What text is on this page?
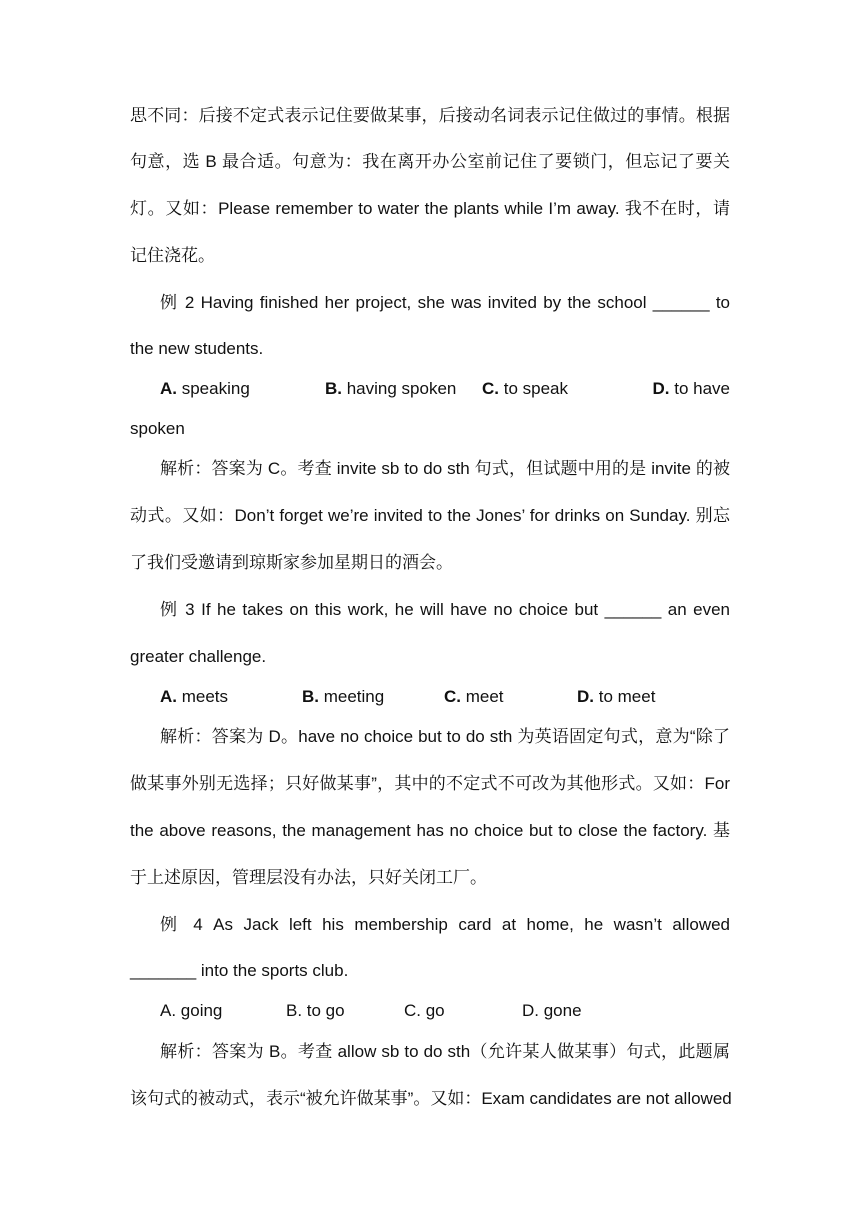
思不同：后接不定式表示记住要做某事，后接动名词表示记住做过的事情。根据
句意，选 B 最合适。句意为：我在离开办公室前记住了要锁门，但忘记了要关
灯。又如：Please remember to water the plants while I’m away. 我不在时，请
记住浇花。
例 2 Having finished her project, she was invited by the school ______ to
the new students.
A. speaking	B. having spoken C. to speak	D. to have
spoken
解析：答案为 C。考查 invite sb to do sth 句式，但试题中用的是 invite 的被
动式。又如：Don’t forget we’re invited to the Jones’ for drinks on Sunday. 别忘
了我们受邀请到琼斯家参加星期日的酒会。
例 3 If he takes on this work, he will have no choice but ______ an even
greater challenge.
A. meets	B. meeting	C. meet	D. to meet
解析：答案为 D。have no choice but to do sth 为英语固定句式，意为“除了
做某事外别无选择；只好做某事”，其中的不定式不可改为其他形式。又如：For
the above reasons, the management has no choice but to close the factory. 基
于上述原因，管理层没有办法，只好关闭工厂。
例 4 As Jack left his membership card at home, he wasn’t allowed
_______ into the sports club.
A. going	B. to go	C. go	D. gone
解析：答案为 B。考查 allow sb to do sth（允许某人做某事）句式，此题属
该句式的被动式，表示“被允许做某事”。又如：Exam candidates are not allowed
